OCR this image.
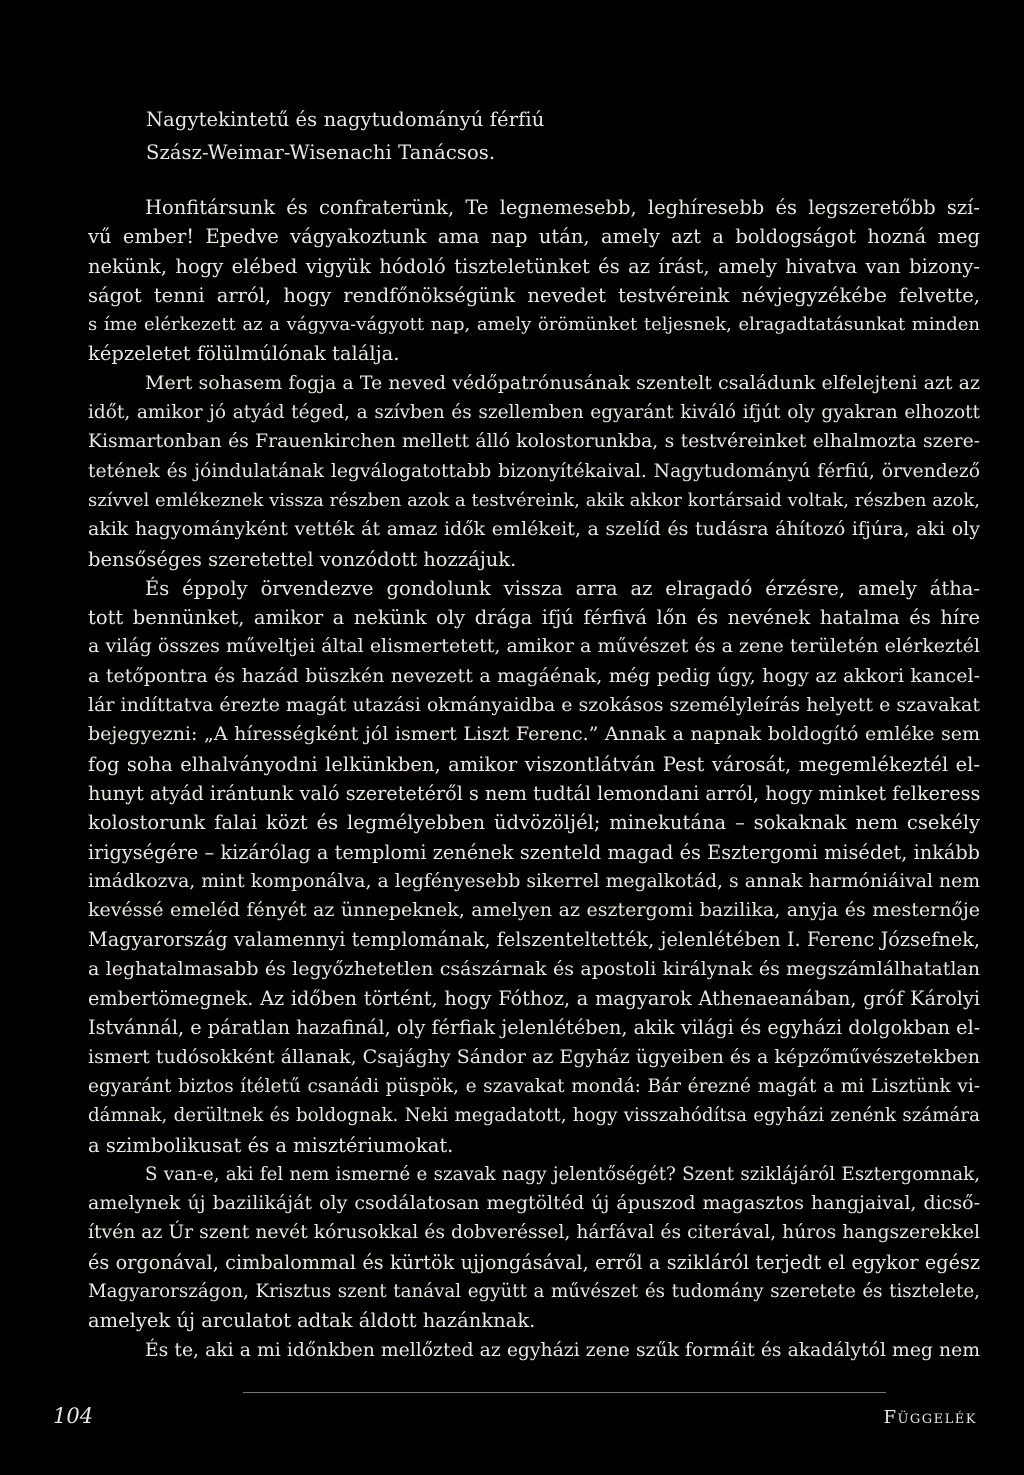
Nagytekintetű és nagytudományú férfiú
Szász-Weimar-Wisenachi Tanácsos.
Honfitársunk és confraterünk, Te legnemesebb, leghíresebb és legszeretőbb szí-
vű ember! Epedve vágyakoztunk ama nap után, amely azt a boldogságot hozná meg
nekünk, hogy elébed vigyük hódoló tiszteletünket és az írást, amely hivatva van bizony-
ságot tenni arról, hogy rendfőnökségünk nevedet testvéreink névjegyzékébe felvette,
s íme elérkezett az a vágyva-vágyott nap, amely örömünket teljesnek, elragadtatásunkat minden
képzeletet fölülmúlónak találja.
Mert sohasem fogja a Te neved védőpatrónusának szentelt családunk elfelejteni azt az
időt, amikor jó atyád téged, a szívben és szellemben egyaránt kiváló ifjút oly gyakran elhozott
Kismartonban és Frauenkirchen mellett álló kolostorunkba, s testvéreinket elhalmozta szere-
tetének és jóindulatának legválogatottabb bizonyítékaival. Nagytudományú férfiú, örvendező
szívvel emlékeznek vissza részben azok a testvéreink, akik akkor kortársaid voltak, részben azok,
akik hagyományként vették át amaz idők emlékeit, a szelíd és tudásra áhítozó ifjúra, aki oly
bensőséges szeretettel vonzódott hozzájuk.
És éppoly örvendezve gondolunk vissza arra az elragadó érzésre, amely átha-
tott bennünket, amikor a nekünk oly drága ifjú férfivá lőn és nevének hatalma és híre
a világ összes műveltjei által elismertetett, amikor a művészet és a zene területén elérkeztél
a tetőpontra és hazád büszkén nevezett a magáénak, még pedig úgy, hogy az akkori kancel-
lár indíttatva érezte magát utazási okmányaidba e szokásos személyleírás helyett e szavakat
bejegyezni: „A hírességként jól ismert Liszt Ferenc.” Annak a napnak boldogító emléke sem
fog soha elhalványodni lelkünkben, amikor viszontlátván Pest városát, megemlékeztél el-
hunyt atyád irántunk való szeretetéről s nem tudtál lemondani arról, hogy minket felkeress
kolostorunk falai közt és legmélyebben üdvözöljél; minekutána – sokaknak nem csekély
irigységére – kizárólag a templomi zenének szenteld magad és Esztergomi misédet, inkább
imádkozva, mint komponálva, a legfényesebb sikerrel megalkotád, s annak harmóniáival nem
kevéssé emeléd fényét az ünnepeknek, amelyen az esztergomi bazilika, anyja és mesternője
Magyarország valamennyi templomának, felszenteltették, jelenlétében I. Ferenc Józsefnek,
a leghatalmasabb és legyőzhetetlen császárnak és apostoli királynak és megszámlálhatatlan
embertömegnek. Az időben történt, hogy Fóthoz, a magyarok Athenaeanában, gróf Károlyi
Istvánnál, e páratlan hazafinál, oly férfiak jelenlétében, akik világi és egyházi dolgokban el-
ismert tudósokként állanak, Csajághy Sándor az Egyház ügyeiben és a képzőművészetekben
egyaránt biztos ítéletű csanádi püspök, e szavakat mondá: Bár érezné magát a mi Lisztünk vi-
dámnak, derültnek és boldognak. Neki megadatott, hogy visszahódítsa egyházi zenénk számára
a szimbolikusat és a misztériumokat.
S van-e, aki fel nem ismerné e szavak nagy jelentőségét? Szent sziklájáról Esztergomnak,
amelynek új bazilikáját oly csodálatosan megtöltéd új ápuszod magasztos hangjaival, dicső-
ítvén az Úr szent nevét kórusokkal és dobveréssel, hárfával és citerával, húros hangszerekkel
és orgonával, cimbalommal és kürtök ujjongásával, erről a szikláról terjedt el egykor egész
Magyarországon, Krisztus szent tanával együtt a művészet és tudomány szeretete és tisztelete,
amelyek új arculatot adtak áldott hazánknak.
És te, aki a mi időnkben mellőzted az egyházi zene szűk formáit és akadálytól meg nem
104	Függelék
